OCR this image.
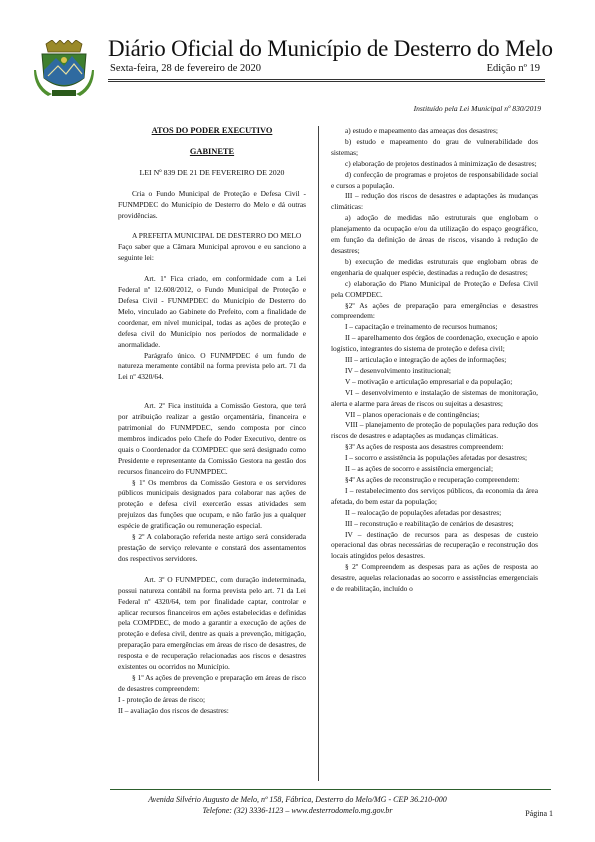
Diário Oficial do Município de Desterro do Melo
Sexta-feira, 28 de fevereiro de 2020	Edição nº 19
Instituído pela Lei Municipal nº 830/2019

ATOS DO PODER EXECUTIVO

GABINETE

LEI Nº 839 DE 21 DE FEVEREIRO DE 2020

Cria o Fundo Municipal de Proteção e Defesa Civil - FUNMPDEC do Município de Desterro do Melo e dá outras providências.

A PREFEITA MUNICIPAL DE DESTERRO DO MELO

Faço saber que a Câmara Municipal aprovou e eu sanciono a seguinte lei:

Art. 1º Fica criado, em conformidade com a Lei Federal nº 12.608/2012, o Fundo Municipal de Proteção e Defesa Civil - FUNMPDEC do Município de Desterro do Melo, vinculado ao Gabinete do Prefeito, com a finalidade de coordenar, em nível municipal, todas as ações de proteção e defesa civil do Município nos períodos de normalidade e anormalidade.

Parágrafo único. O FUNMPDEC é um fundo de natureza meramente contábil na forma prevista pelo art. 71 da Lei nº 4320/64.

Art. 2º Fica instituída a Comissão Gestora, que terá por atribuição realizar a gestão orçamentária, financeira e patrimonial do FUNMPDEC, sendo composta por cinco membros indicados pelo Chefe do Poder Executivo, dentre os quais o Coordenador da COMPDEC que será designado como Presidente e representante da Comissão Gestora na gestão dos recursos financeiro do FUNMPDEC.

§ 1º Os membros da Comissão Gestora e os servidores públicos municipais designados para colaborar nas ações de proteção e defesa civil exercerão essas atividades sem prejuízos das funções que ocupam, e não farão jus a qualquer espécie de gratificação ou remuneração especial.

§ 2º A colaboração referida neste artigo será considerada prestação de serviço relevante e constará dos assentamentos dos respectivos servidores.

Art. 3º O FUNMPDEC, com duração indeterminada, possui natureza contábil na forma prevista pelo art. 71 da Lei Federal nº 4320/64, tem por finalidade captar, controlar e aplicar recursos financeiros em ações estabelecidas e definidas pela COMPDEC, de modo a garantir a execução de ações de proteção e defesa civil, dentre as quais a prevenção, mitigação, preparação para emergências em áreas de risco de desastres, de resposta e de recuperação relacionadas aos riscos e desastres existentes ou ocorridos no Município.

§ 1º As ações de prevenção e preparação em áreas de risco de desastres compreendem:

I - proteção de áreas de risco;

II – avaliação dos riscos de desastres:

a) estudo e mapeamento das ameaças dos desastres;

b) estudo e mapeamento do grau de vulnerabilidade dos sistemas;

c) elaboração de projetos destinados à minimização de desastres;

d) confecção de programas e projetos de responsabilidade social e cursos a população.

III – redução dos riscos de desastres e adaptações às mudanças climáticas:

a) adoção de medidas não estruturais que englobam o planejamento da ocupação e/ou da utilização do espaço geográfico, em função da definição de áreas de riscos, visando à redução de desastres;

b) execução de medidas estruturais que englobam obras de engenharia de qualquer espécie, destinadas a redução de desastres;

c) elaboração do Plano Municipal de Proteção e Defesa Civil pela COMPDEC.

§2º As ações de preparação para emergências e desastres compreendem:

I – capacitação e treinamento de recursos humanos;

II – aparelhamento dos órgãos de coordenação, execução e apoio logístico, integrantes do sistema de proteção e defesa civil;

III – articulação e integração de ações de informações;

IV – desenvolvimento institucional;

V – motivação e articulação empresarial e da população;

VI – desenvolvimento e instalação de sistemas de monitoração, alerta e alarme para áreas de riscos ou sujeitas a desastres;

VII – planos operacionais e de contingências;

VIII – planejamento de proteção de populações para redução dos riscos de desastres e adaptações as mudanças climáticas.

§3º As ações de resposta aos desastres compreendem:

I – socorro e assistência às populações afetadas por desastres;

II – as ações de socorro e assistência emergencial;

§4º As ações de reconstrução e recuperação compreendem:

I – restabelecimento dos serviços públicos, da economia da área afetada, do bem estar da população;

II – realocação de populações afetadas por desastres;

III – reconstrução e reabilitação de cenários de desastres;

IV – destinação de recursos para as despesas de custeio operacional das obras necessárias de recuperação e reconstrução dos locais atingidos pelos desastres.

§ 2º Compreendem as despesas para as ações de resposta ao desastre, aquelas relacionadas ao socorro e assistências emergenciais e de reabilitação, incluído o

Avenida Silvério Augusto de Melo, nº 158, Fábrica, Desterro do Melo/MG - CEP 36.210-000
Telefone: (32) 3336-1123 – www.desterrodomelo.mg.gov.br	Página 1
